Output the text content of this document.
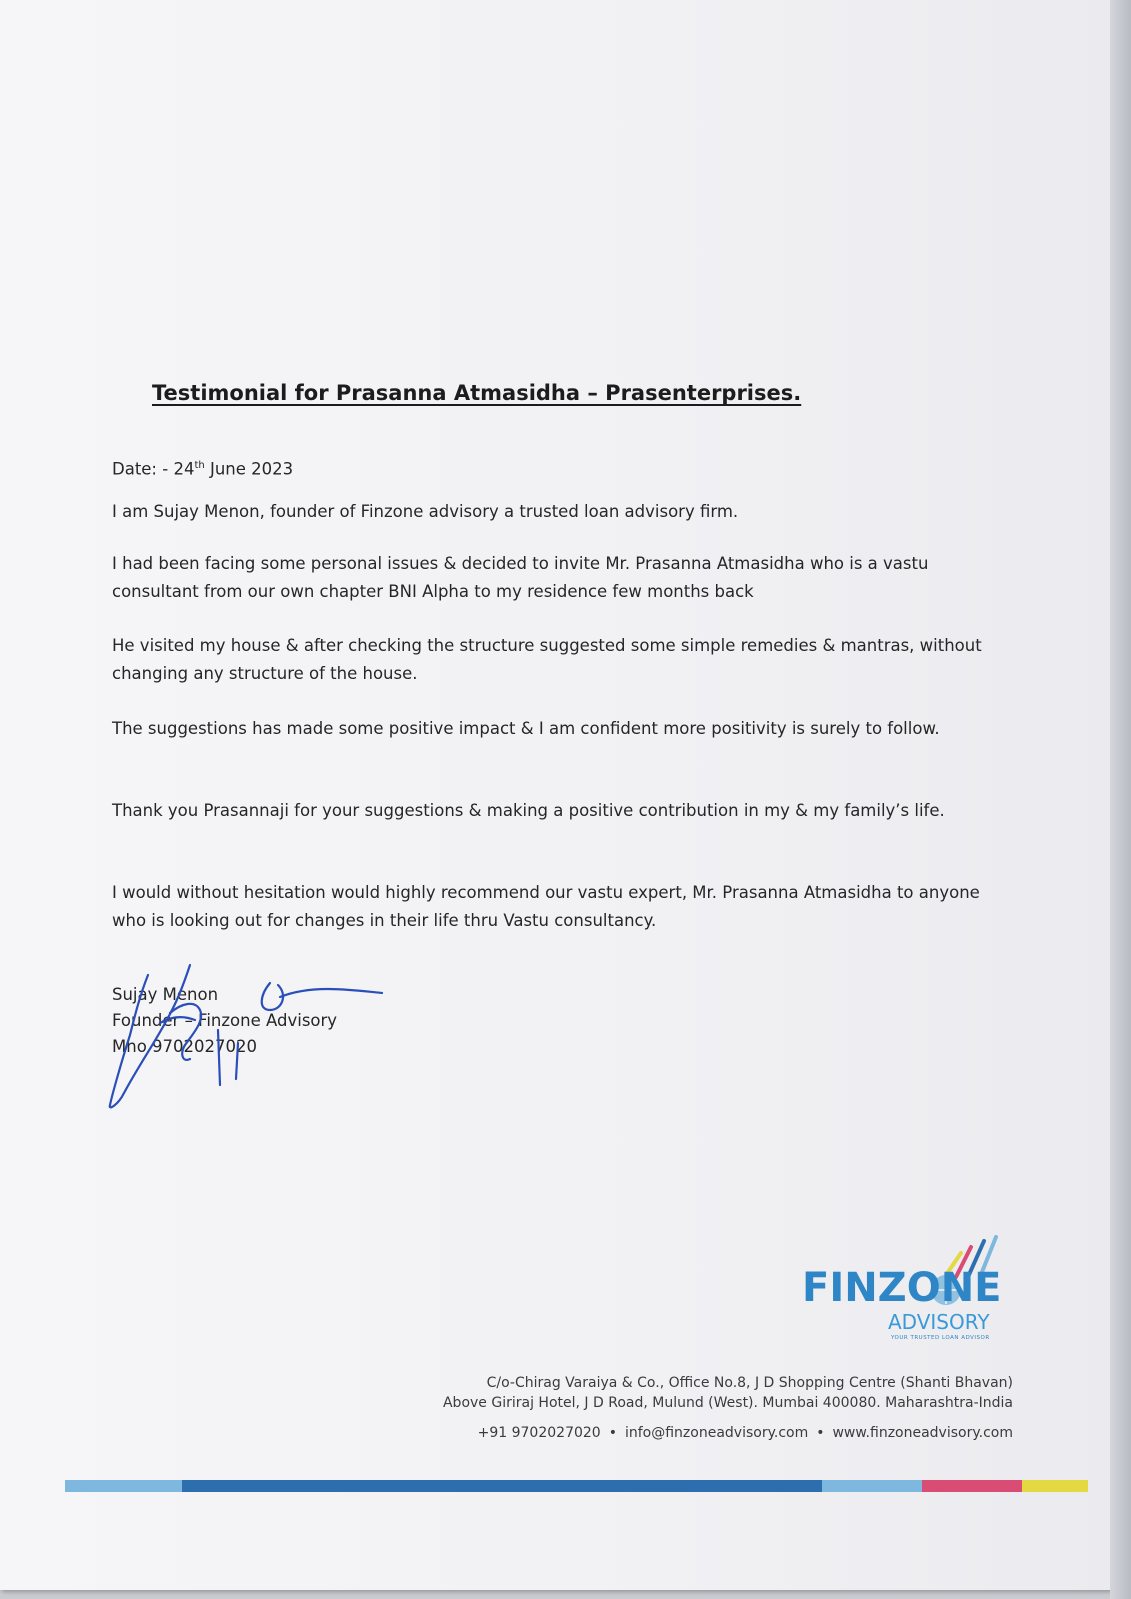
Testimonial for Prasanna Atmasidha – Prasenterprises.
Date: - 24th June 2023
I am Sujay Menon, founder of Finzone advisory a trusted loan advisory firm.
I had been facing some personal issues & decided to invite Mr. Prasanna Atmasidha who is a vastu consultant from our own chapter BNI Alpha to my residence few months back
He visited my house & after checking the structure suggested some simple remedies & mantras, without changing any structure of the house.
The suggestions has made some positive impact & I am confident more positivity is surely to follow.
Thank you Prasannaji for your suggestions & making a positive contribution in my & my family’s life.
I would without hesitation would highly recommend our vastu expert, Mr. Prasanna Atmasidha to anyone who is looking out for changes in their life thru Vastu consultancy.
Sujay Menon
Founder – Finzone Advisory
Mno 9702027020
FINZONE
ADVISORY
YOUR TRUSTED LOAN ADVISOR
C/o-Chirag Varaiya & Co., Office No.8, J D Shopping Centre (Shanti Bhavan)
Above Giriraj Hotel, J D Road, Mulund (West). Mumbai 400080. Maharashtra-India
+91 9702027020 • info@finzoneadvisory.com • www.finzoneadvisory.com
